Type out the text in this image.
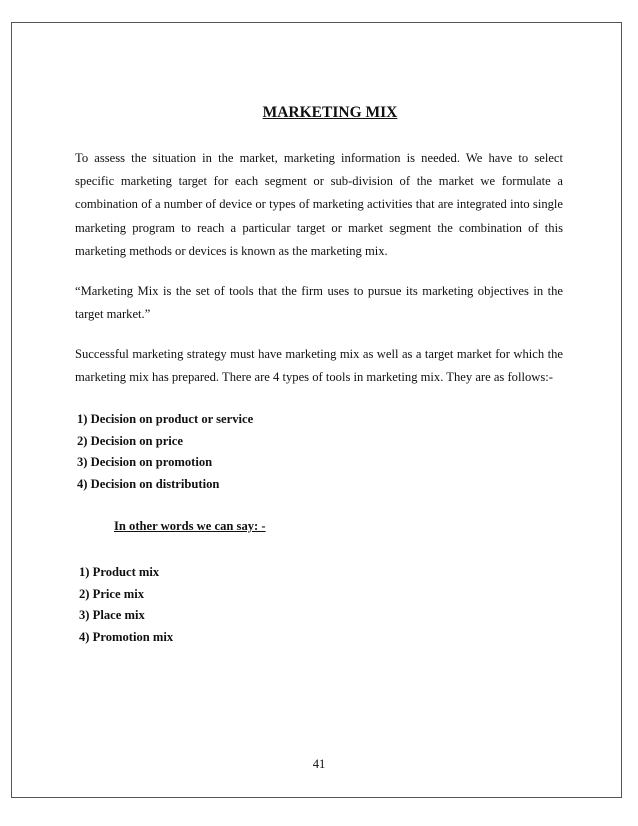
MARKETING MIX

To assess the situation in the market, marketing information is needed. We have to select specific marketing target for each segment or sub-division of the market we formulate a combination of a number of device or types of marketing activities that are integrated into single marketing program to reach a particular target or market segment the combination of this marketing methods or devices is known as the marketing mix.

“Marketing Mix is the set of tools that the firm uses to pursue its marketing objectives in the target market.”

Successful marketing strategy must have marketing mix as well as a target market for which the marketing mix has prepared. There are 4 types of tools in marketing mix. They are as follows:-

1) Decision on product or service
2) Decision on price
3) Decision on promotion
4) Decision on distribution

In other words we can say: -

1) Product mix
2) Price mix
3) Place mix
4) Promotion mix

41
